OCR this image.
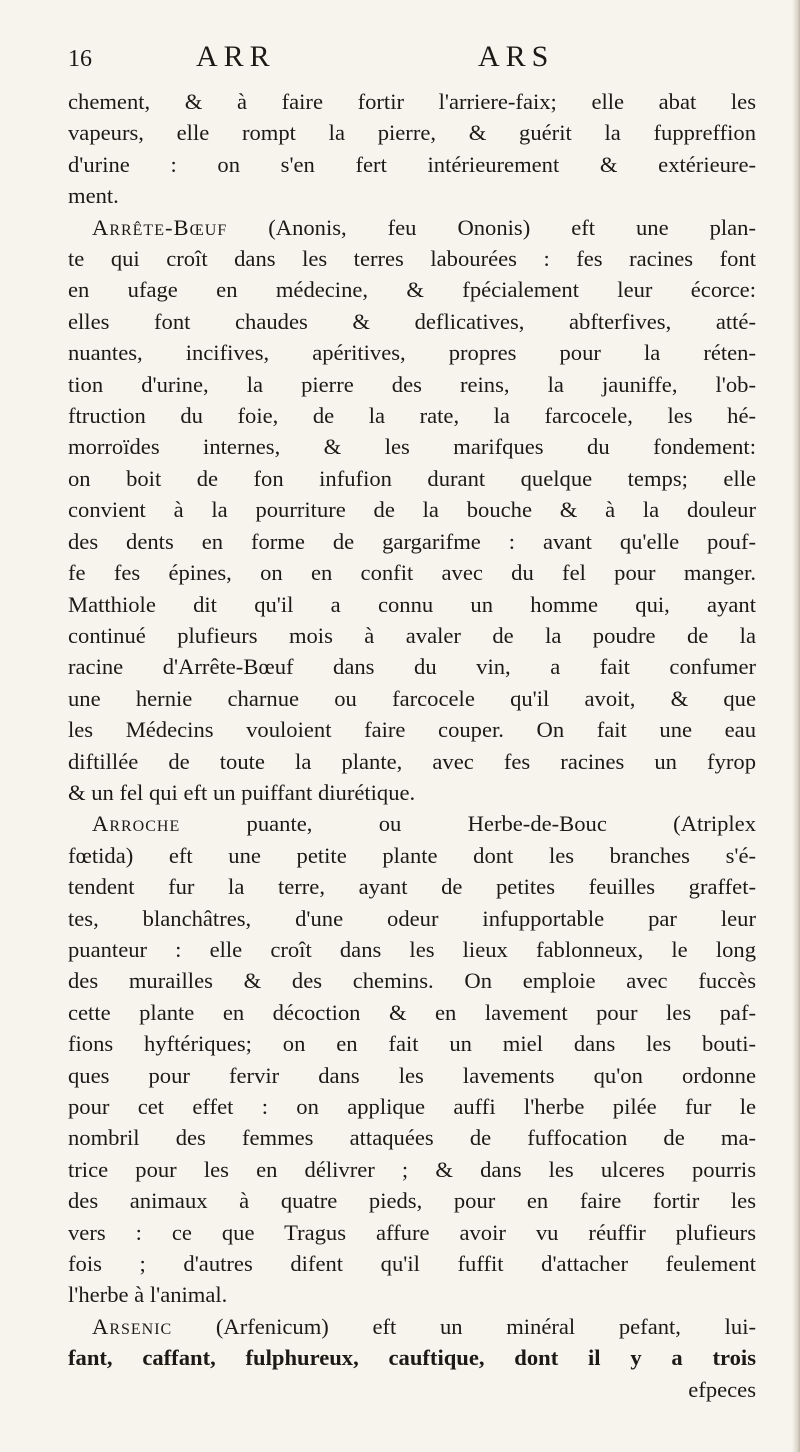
16	ARR	ARS
chement, & à faire fortir l'arriere-faix; elle abat les
vapeurs, elle rompt la pierre, & guérit la fuppreffion
d'urine : on s'en fert intérieurement & extérieure-
ment.
Arrête-Bœuf (Anonis, feu Ononis) eft une plan-
te qui croît dans les terres labourées : fes racines font
en ufage en médecine, & fpécialement leur écorce:
elles font chaudes & deflicatives, abfterfives, atté-
nuantes, incifives, apéritives, propres pour la réten-
tion d'urine, la pierre des reins, la jauniffe, l'ob-
ftruction du foie, de la rate, la farcocele, les hé-
morroïdes internes, & les marifques du fondement:
on boit de fon infufion durant quelque temps; elle
convient à la pourriture de la bouche & à la douleur
des dents en forme de gargarifme : avant qu'elle pouf-
fe fes épines, on en confit avec du fel pour manger.
Matthiole dit qu'il a connu un homme qui, ayant
continué plufieurs mois à avaler de la poudre de la
racine d'Arrête-Bœuf dans du vin, a fait confumer
une hernie charnue ou farcocele qu'il avoit, & que
les Médecins vouloient faire couper. On fait une eau
diftillée de toute la plante, avec fes racines un fyrop
& un fel qui eft un puiffant diurétique.
Arroche puante, ou Herbe-de-Bouc (Atriplex
fœtida) eft une petite plante dont les branches s'é-
tendent fur la terre, ayant de petites feuilles graffet-
tes, blanchâtres, d'une odeur infupportable par leur
puanteur : elle croît dans les lieux fablonneux, le long
des murailles & des chemins. On emploie avec fuccès
cette plante en décoction & en lavement pour les paf-
fions hyftériques; on en fait un miel dans les bouti-
ques pour fervir dans les lavements qu'on ordonne
pour cet effet : on applique auffi l'herbe pilée fur le
nombril des femmes attaquées de fuffocation de ma-
trice pour les en délivrer ; & dans les ulceres pourris
des animaux à quatre pieds, pour en faire fortir les
vers : ce que Tragus affure avoir vu réuffir plufieurs
fois ; d'autres difent qu'il fuffit d'attacher feulement
l'herbe à l'animal.
Arsenic (Arfenicum) eft un minéral pefant, lui-
fant, caffant, fulphureux, cauftique, dont il y a trois
efpeces
